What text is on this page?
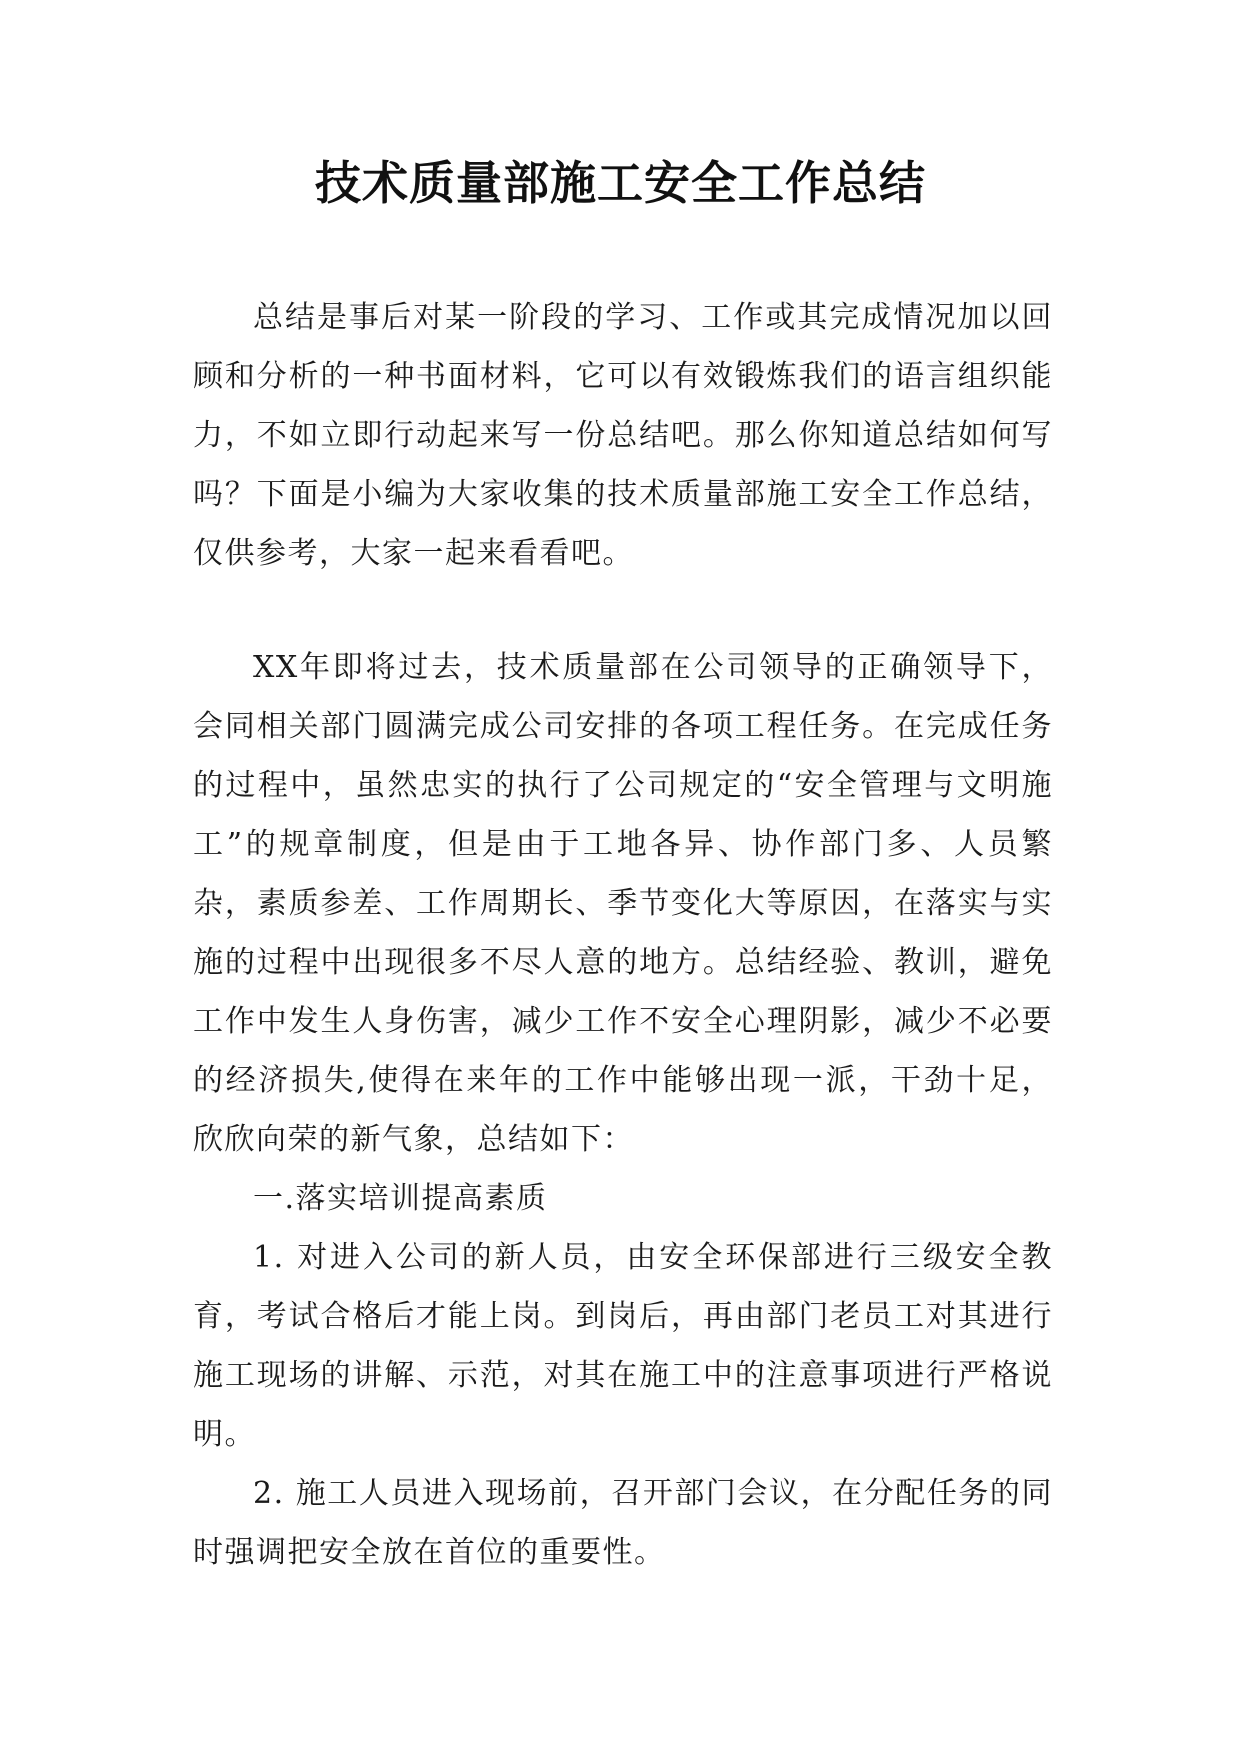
技术质量部施工安全工作总结

总结是事后对某一阶段的学习、工作或其完成情况加以回顾和分析的一种书面材料，它可以有效锻炼我们的语言组织能力，不如立即行动起来写一份总结吧。那么你知道总结如何写吗？下面是小编为大家收集的技术质量部施工安全工作总结，仅供参考，大家一起来看看吧。

XX年即将过去，技术质量部在公司领导的正确领导下，会同相关部门圆满完成公司安排的各项工程任务。在完成任务的过程中，虽然忠实的执行了公司规定的“安全管理与文明施工”的规章制度，但是由于工地各异、协作部门多、人员繁杂，素质参差、工作周期长、季节变化大等原因，在落实与实施的过程中出现很多不尽人意的地方。总结经验、教训，避免工作中发生人身伤害，减少工作不安全心理阴影，减少不必要的经济损失,使得在来年的工作中能够出现一派，干劲十足，欣欣向荣的新气象，总结如下：

一.落实培训提高素质

1. 对进入公司的新人员，由安全环保部进行三级安全教育，考试合格后才能上岗。到岗后，再由部门老员工对其进行施工现场的讲解、示范，对其在施工中的注意事项进行严格说明。

2. 施工人员进入现场前，召开部门会议，在分配任务的同时强调把安全放在首位的重要性。
